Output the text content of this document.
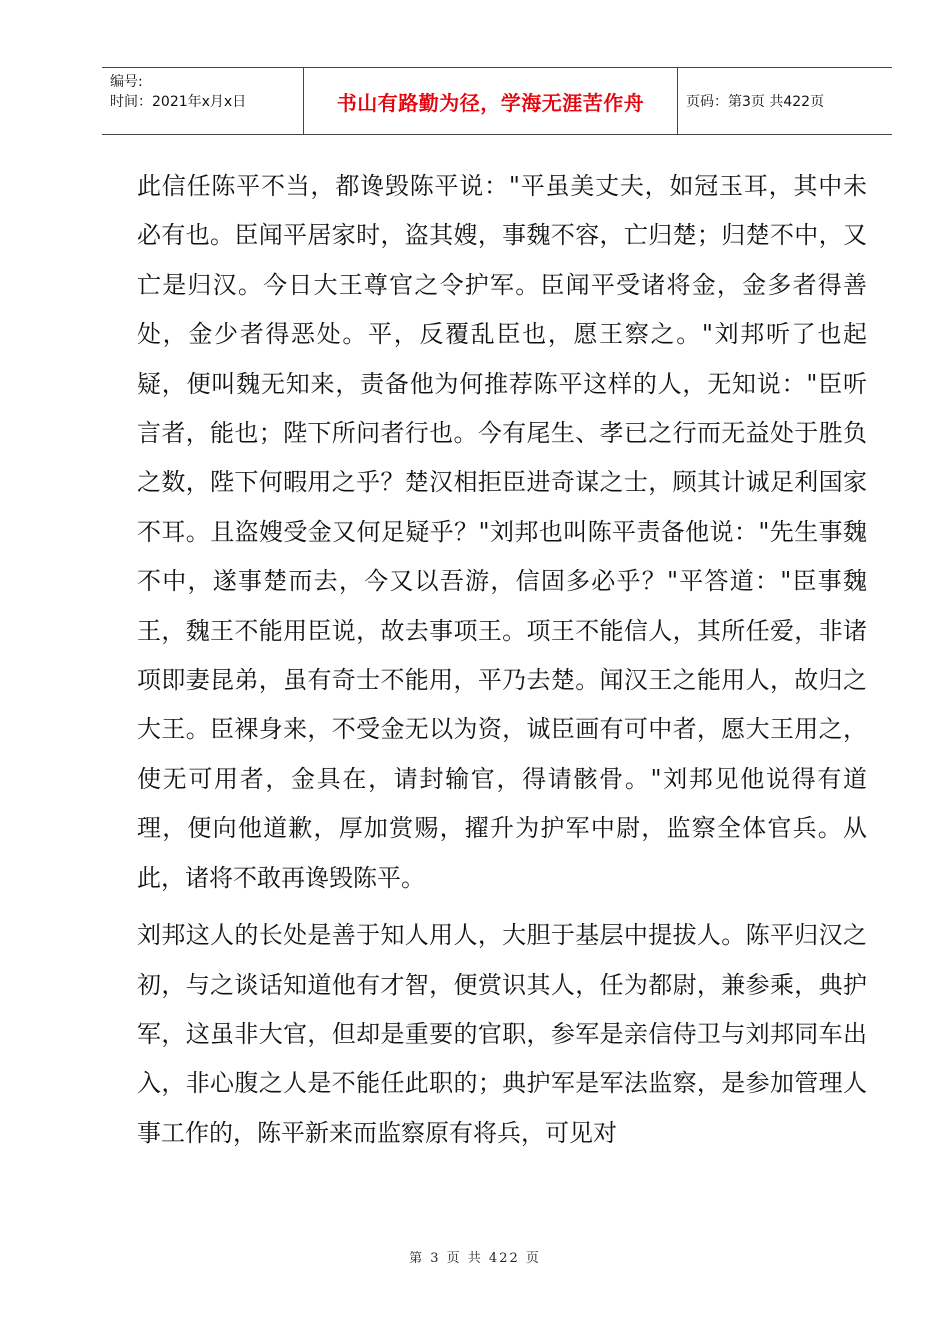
编号:
时间：2021年x月x日	书山有路勤为径，学海无涯苦作舟	页码：第3页 共422页

此信任陈平不当，都谗毁陈平说："平虽美丈夫，如冠玉耳，其中未必有也。臣闻平居家时，盗其嫂，事魏不容，亡归楚；归楚不中，又亡是归汉。今日大王尊官之令护军。臣闻平受诸将金，金多者得善处，金少者得恶处。平，反覆乱臣也，愿王察之。"刘邦听了也起疑，便叫魏无知来，责备他为何推荐陈平这样的人，无知说："臣听言者，能也；陛下所问者行也。今有尾生、孝已之行而无益处于胜负之数，陛下何暇用之乎？楚汉相拒臣进奇谋之士，顾其计诚足利国家不耳。且盗嫂受金又何足疑乎？"刘邦也叫陈平责备他说："先生事魏不中，遂事楚而去，今又以吾游，信固多必乎？"平答道："臣事魏王，魏王不能用臣说，故去事项王。项王不能信人，其所任爱，非诸项即妻昆弟，虽有奇士不能用，平乃去楚。闻汉王之能用人，故归之大王。臣裸身来，不受金无以为资，诚臣画有可中者，愿大王用之，使无可用者，金具在，请封输官，得请骸骨。"刘邦见他说得有道理，便向他道歉，厚加赏赐，擢升为护军中尉，监察全体官兵。从此，诸将不敢再谗毁陈平。

刘邦这人的长处是善于知人用人，大胆于基层中提拔人。陈平归汉之初，与之谈话知道他有才智，便赏识其人，任为都尉，兼参乘，典护军，这虽非大官，但却是重要的官职，参军是亲信侍卫与刘邦同车出入，非心腹之人是不能任此职的；典护军是军法监察，是参加管理人事工作的，陈平新来而监察原有将兵，可见对

第 3 页 共 422 页
